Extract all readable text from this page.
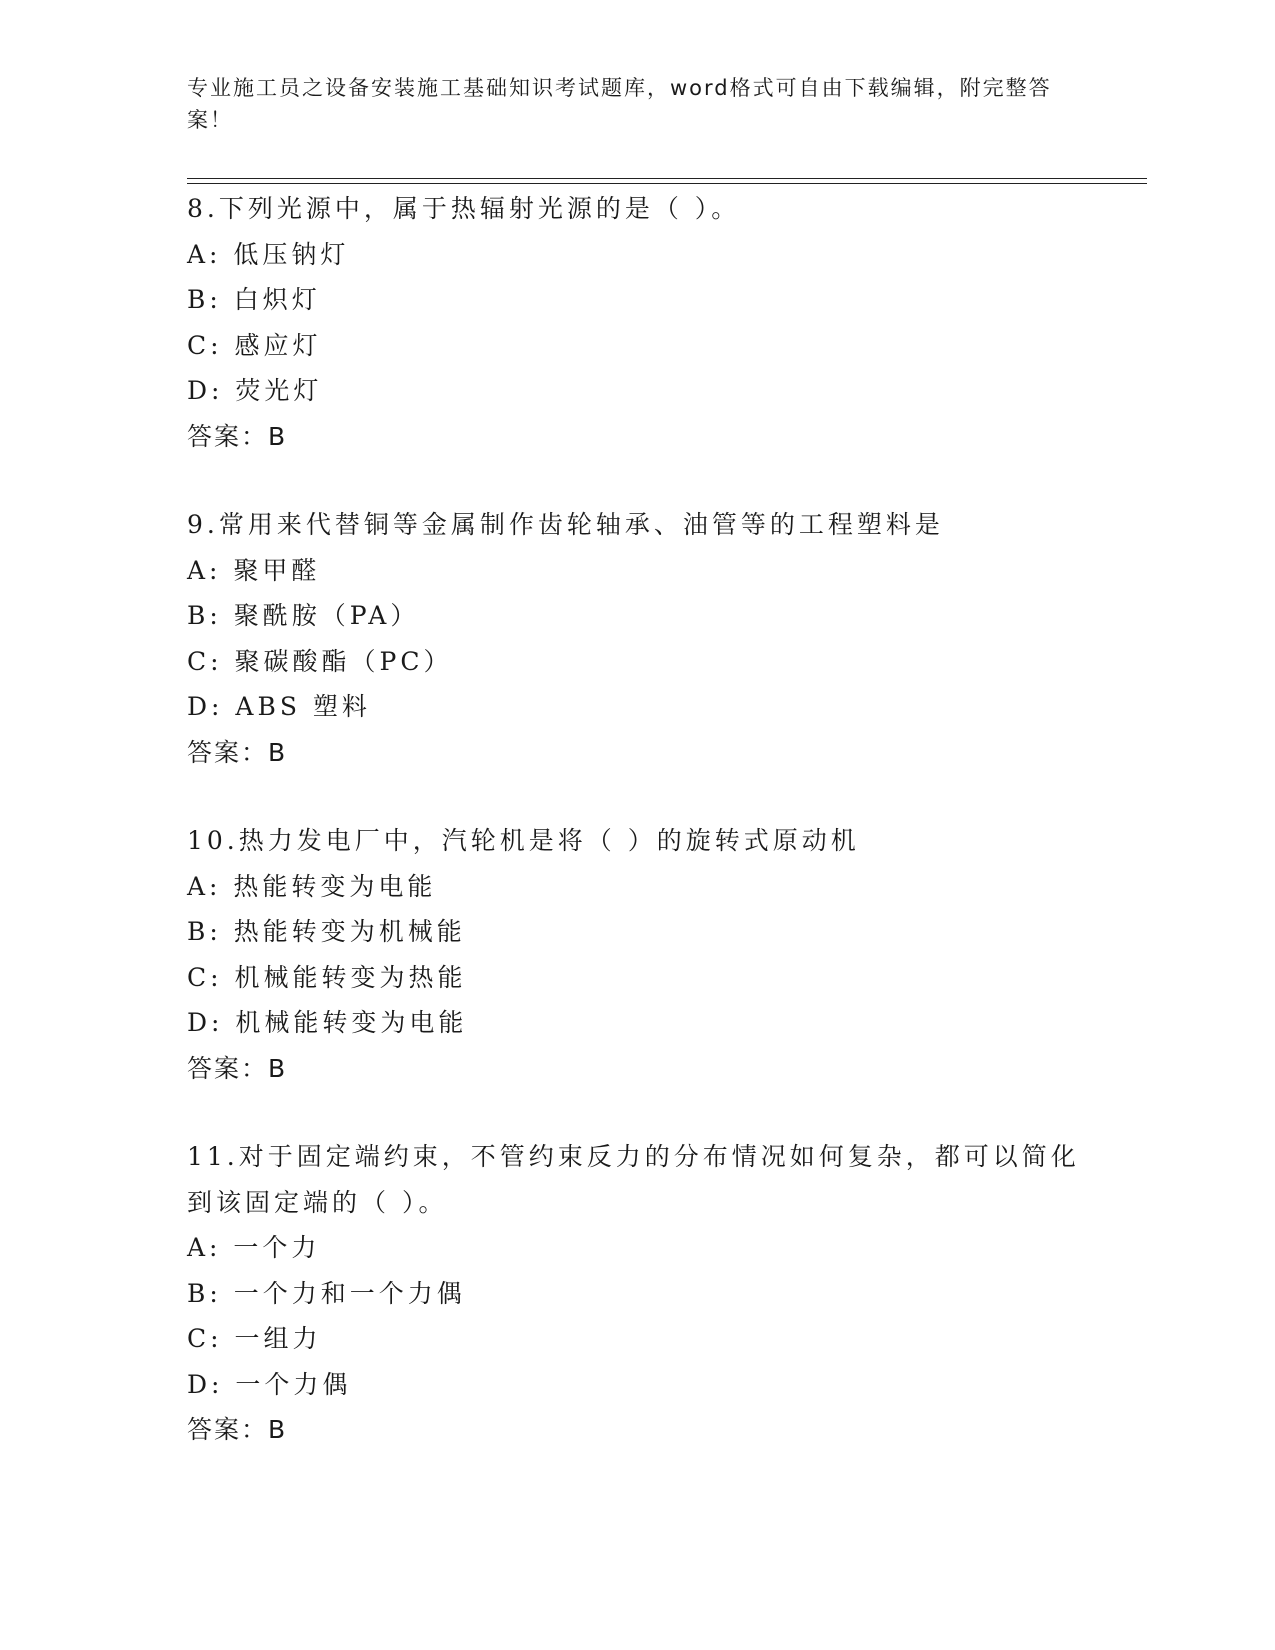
专业施工员之设备安装施工基础知识考试题库，word格式可自由下载编辑，附完整答案！
8.下列光源中，属于热辐射光源的是（ ）。
A: 低压钠灯
B: 白炽灯
C: 感应灯
D: 荧光灯
答案：B
9.常用来代替铜等金属制作齿轮轴承、油管等的工程塑料是
A: 聚甲醛
B: 聚酰胺（PA）
C: 聚碳酸酯（PC）
D: ABS 塑料
答案：B
10.热力发电厂中，汽轮机是将（ ）的旋转式原动机
A: 热能转变为电能
B: 热能转变为机械能
C: 机械能转变为热能
D: 机械能转变为电能
答案：B
11.对于固定端约束，不管约束反力的分布情况如何复杂，都可以简化
到该固定端的（ ）。
A: 一个力
B: 一个力和一个力偶
C: 一组力
D: 一个力偶
答案：B
